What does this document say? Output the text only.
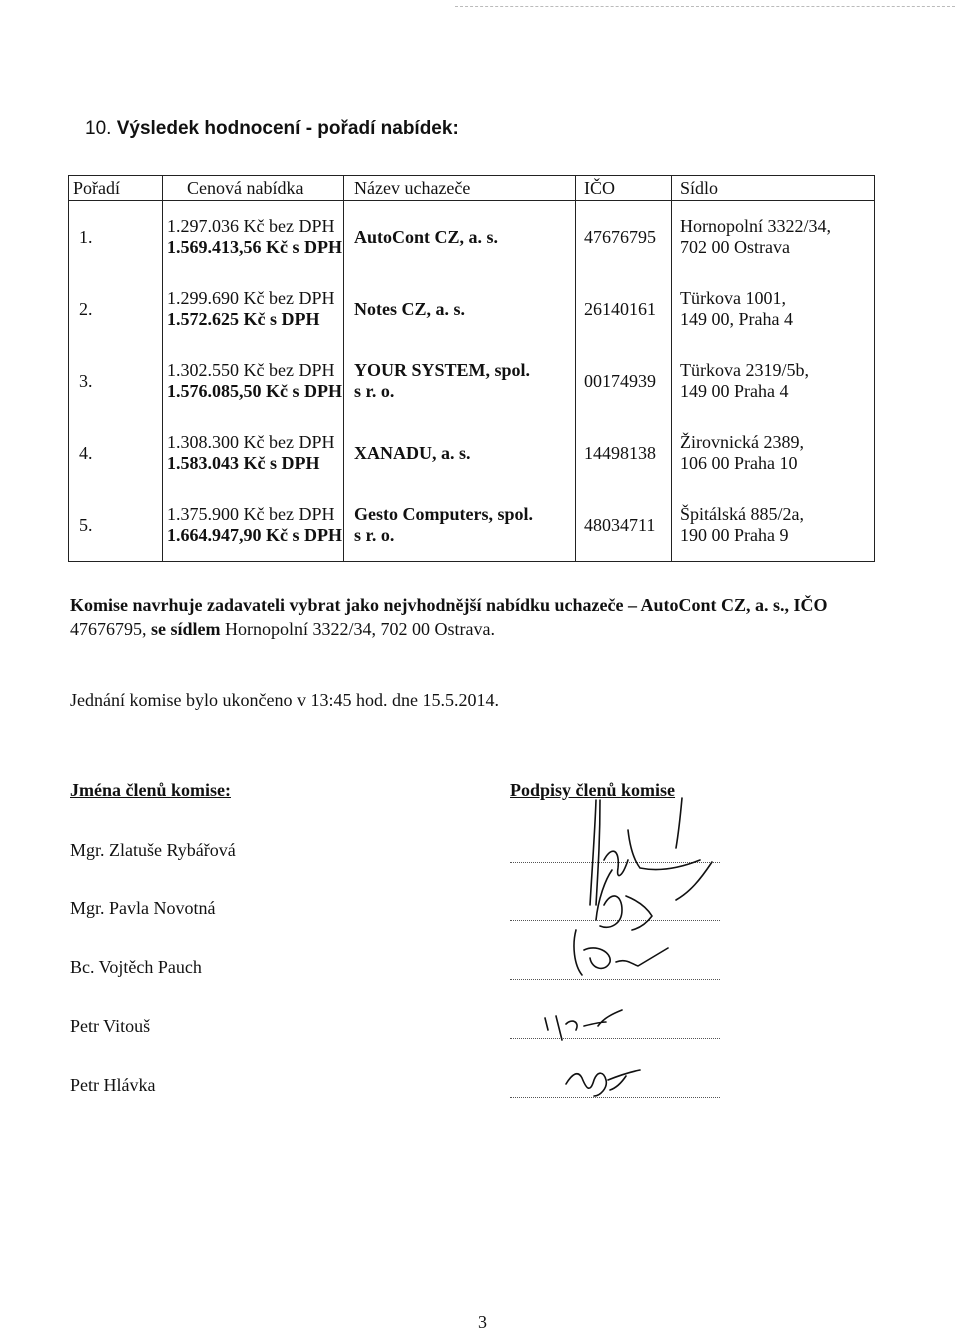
10. Výsledek hodnocení - pořadí nabídek:
Pořadí	Cenová nabídka	Název uchazeče	IČO	Sídlo
1.	1.297.036 Kč bez DPH
1.569.413,56 Kč s DPH	AutoCont CZ, a. s.	47676795	Hornopolní 3322/34,
702 00 Ostrava

2.	1.299.690 Kč bez DPH
1.572.625 Kč s DPH	Notes CZ, a. s.	26140161	Türkova 1001,
149 00, Praha 4

3.	1.302.550 Kč bez DPH
1.576.085,50 Kč s DPH	YOUR SYSTEM, spol.
s r. o.	00174939	Türkova 2319/5b,
149 00 Praha 4

4.	1.308.300 Kč bez DPH
1.583.043 Kč s DPH	XANADU, a. s.	14498138	Žirovnická 2389,
106 00 Praha 10

5.	1.375.900 Kč bez DPH
1.664.947,90 Kč s DPH	Gesto Computers, spol.
s r. o.	48034711	Špitálská 885/2a,
190 00 Praha 9
Komise navrhuje zadavateli vybrat jako nejvhodnější nabídku uchazeče – AutoCont CZ, a. s., IČO 47676795, se sídlem Hornopolní 3322/34, 702 00 Ostrava.
Jednání komise bylo ukončeno v 13:45 hod. dne 15.5.2014.
Jména členů komise:	Podpisy členů komise
Mgr. Zlatuše Rybářová
Mgr. Pavla Novotná
Bc. Vojtěch Pauch
Petr Vitouš
Petr Hlávka
3
